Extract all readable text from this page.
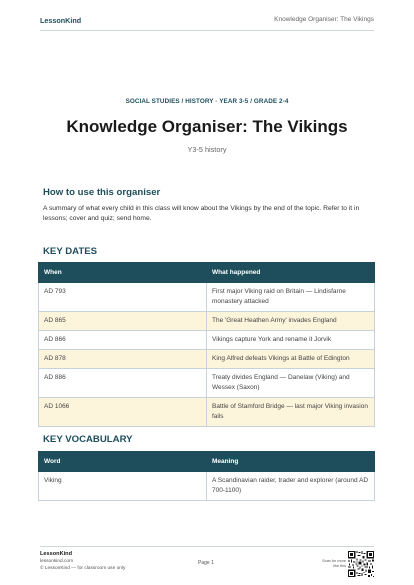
LessonKind	Knowledge Organiser: The Vikings
SOCIAL STUDIES / HISTORY · YEAR 3-5 / GRADE 2-4
Knowledge Organiser: The Vikings
Y3-5 history
How to use this organiser
A summary of what every child in this class will know about the Vikings by the end of the topic. Refer to it in lessons; cover and quiz; send home.
KEY DATES
When	What happened
AD 793	First major Viking raid on Britain — Lindisfarne monastery attacked
AD 865	The 'Great Heathen Army' invades England
AD 866	Vikings capture York and rename it Jorvik
AD 878	King Alfred defeats Vikings at Battle of Edington
AD 886	Treaty divides England — Danelaw (Viking) and Wessex (Saxon)
AD 1066	Battle of Stamford Bridge — last major Viking invasion fails
KEY VOCABULARY
Word	Meaning
Viking	A Scandinavian raider, trader and explorer (around AD 700-1100)
LessonKind
lessonkind.com
© LessonKind — for classroom use only
Page 1	Scan for more like this
